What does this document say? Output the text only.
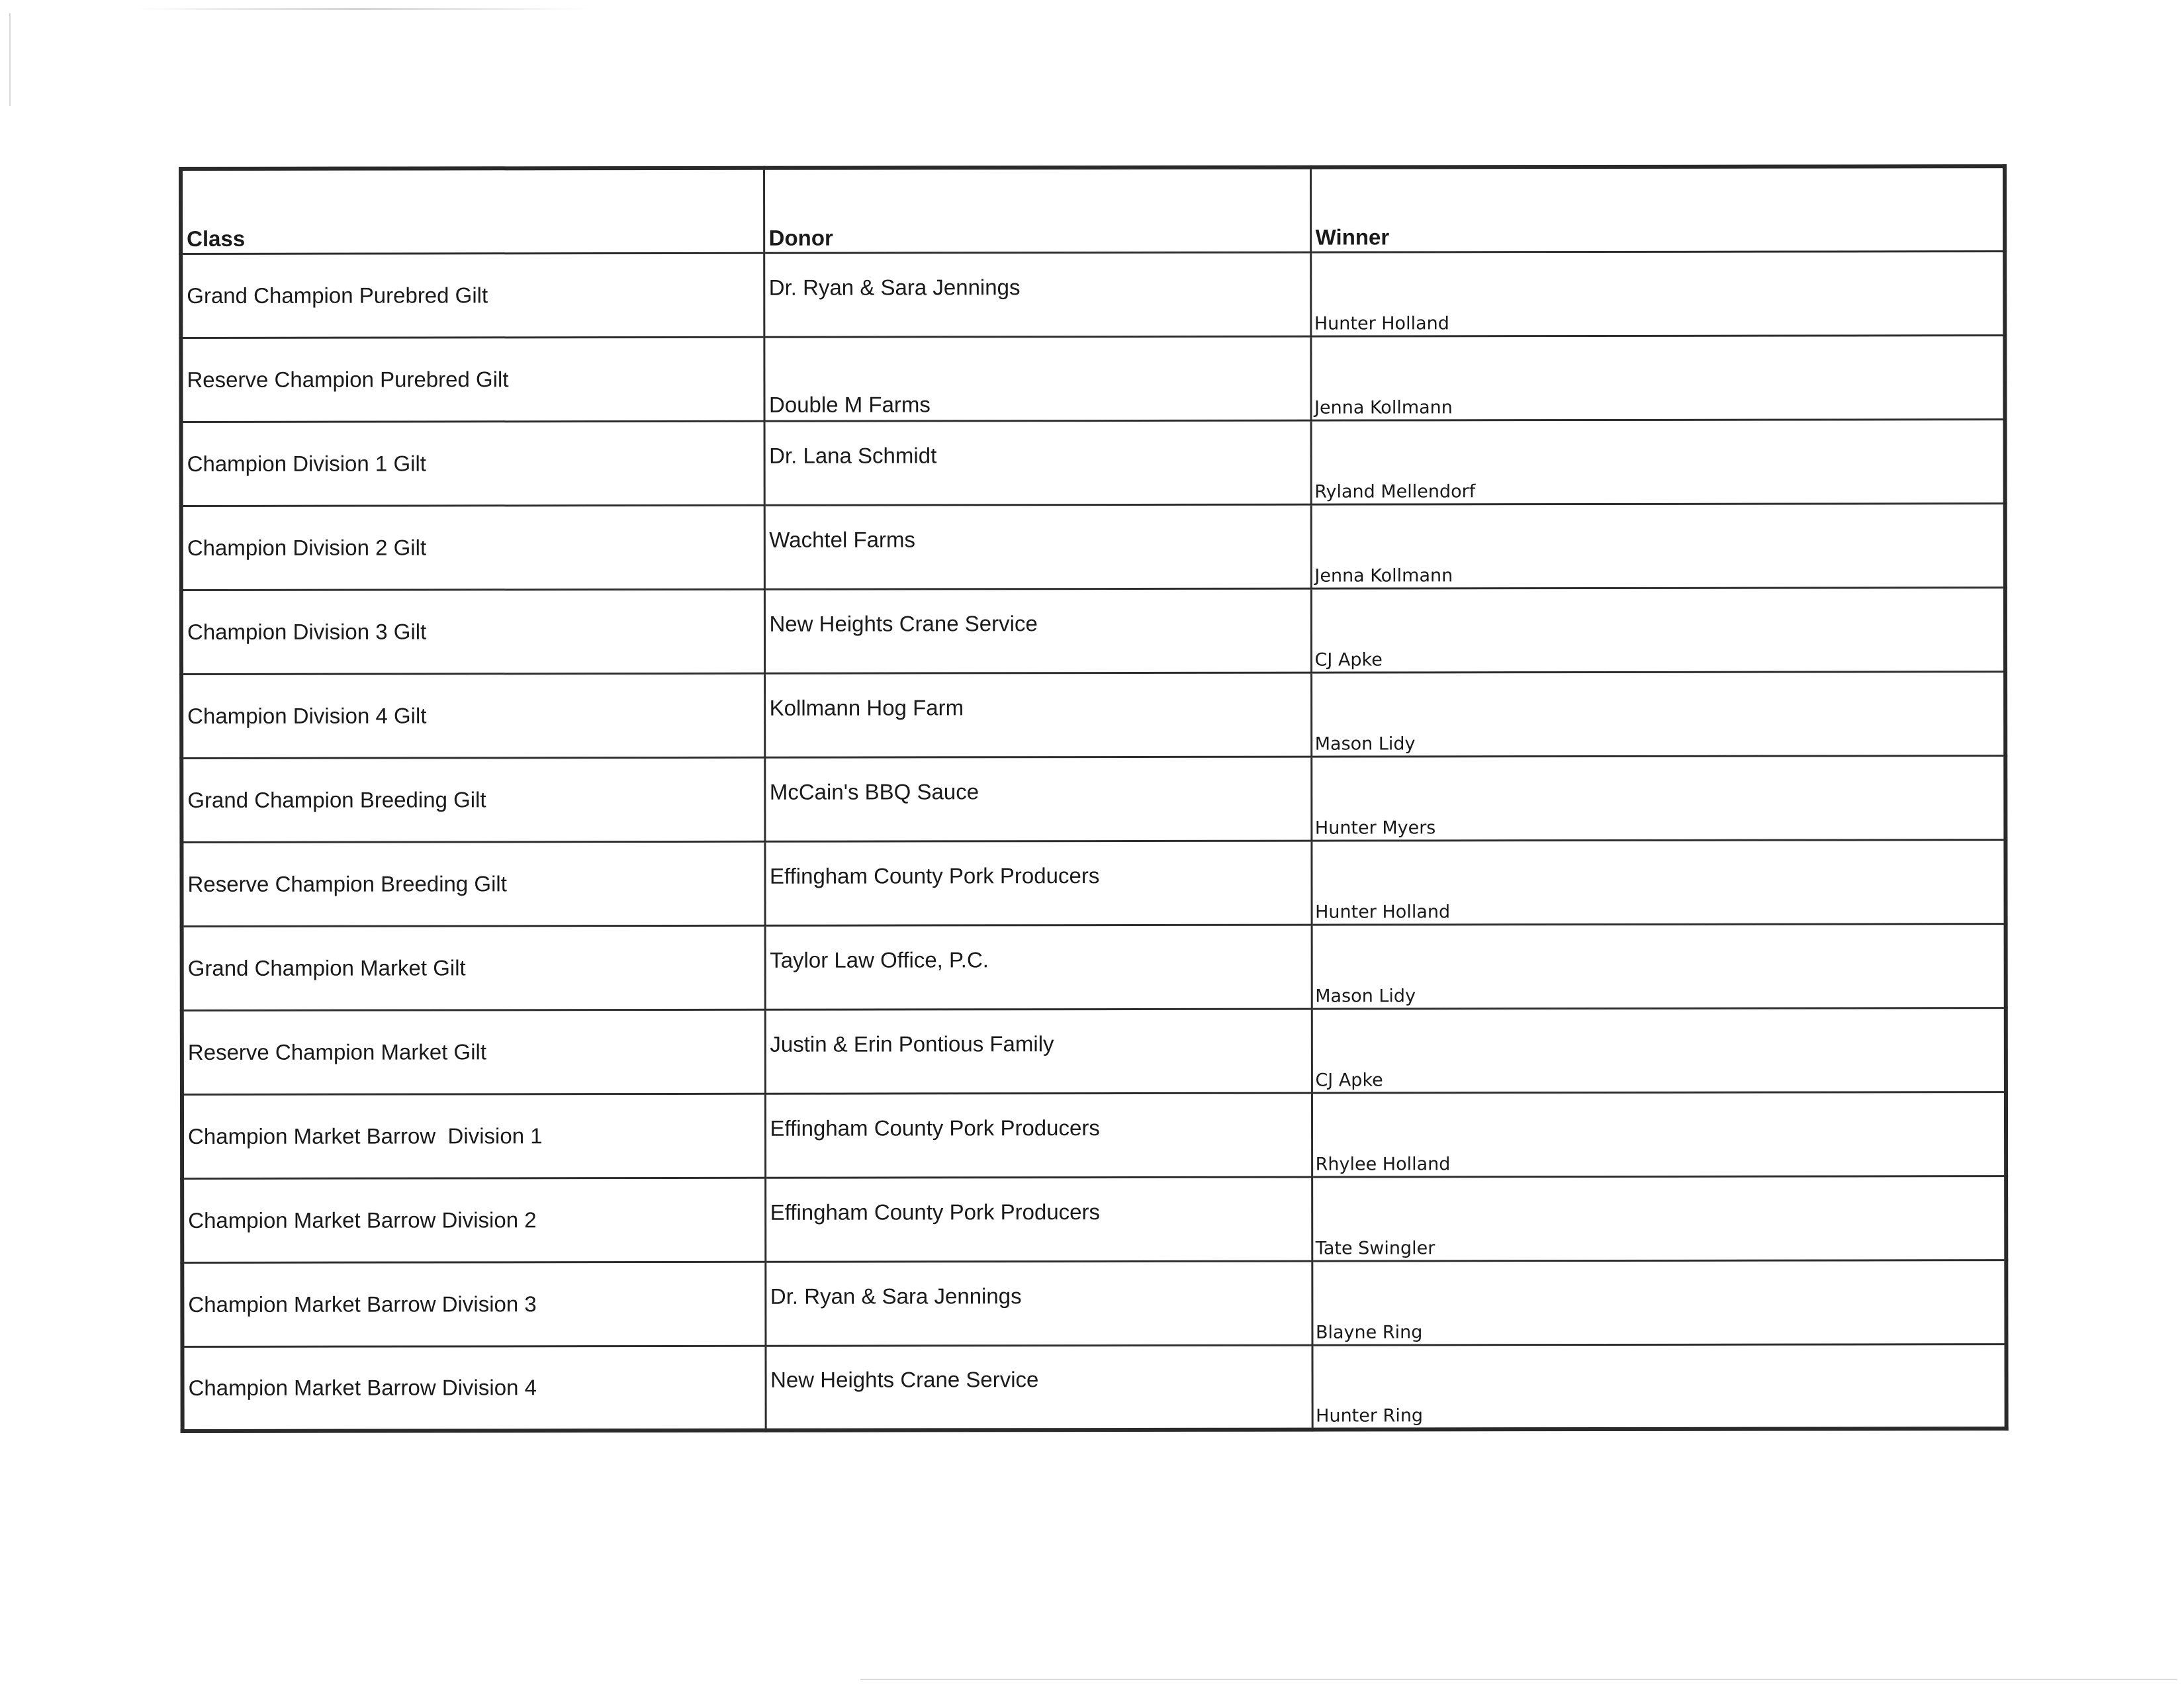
Class	Donor	Winner
Grand Champion Purebred Gilt	Dr. Ryan & Sara Jennings	Hunter Holland
Reserve Champion Purebred Gilt	Double M Farms	Jenna Kollmann
Champion Division 1 Gilt	Dr. Lana Schmidt	Ryland Mellendorf
Champion Division 2 Gilt	Wachtel Farms	Jenna Kollmann
Champion Division 3 Gilt	New Heights Crane Service	CJ Apke
Champion Division 4 Gilt	Kollmann Hog Farm	Mason Lidy
Grand Champion Breeding Gilt	McCain's BBQ Sauce	Hunter Myers
Reserve Champion Breeding Gilt	Effingham County Pork Producers	Hunter Holland
Grand Champion Market Gilt	Taylor Law Office, P.C.	Mason Lidy
Reserve Champion Market Gilt	Justin & Erin Pontious Family	CJ Apke
Champion Market Barrow  Division 1	Effingham County Pork Producers	Rhylee Holland
Champion Market Barrow Division 2	Effingham County Pork Producers	Tate Swingler
Champion Market Barrow Division 3	Dr. Ryan & Sara Jennings	Blayne Ring
Champion Market Barrow Division 4	New Heights Crane Service	Hunter Ring
